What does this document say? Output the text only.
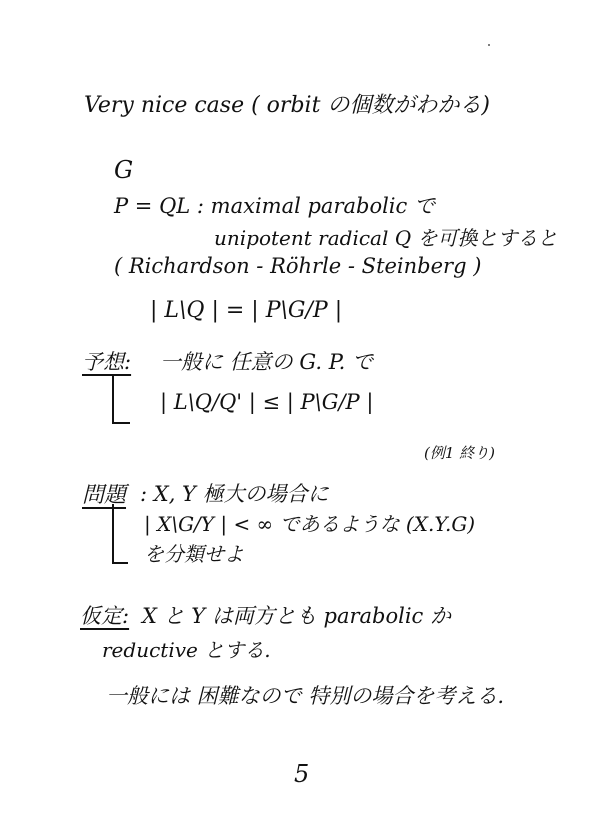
Very nice case ( orbit の個数がわかる)
G
P = QL : maximal parabolic で
unipotent radical Q を可換とすると
( Richardson - Röhrle - Steinberg )
| L\Q | = | P\G/P |
予想: 一般に 任意の G. P. で
| L\Q/Q' | ≤ | P\G/P |
(例1 終り)
問題 : X, Y 極大の場合に
| X\G/Y | < ∞ であるような (X.Y.G)
を分類せよ
仮定: X と Y は両方とも parabolic か
reductive とする.
一般には 困難なので 特別の場合を考える.
5
